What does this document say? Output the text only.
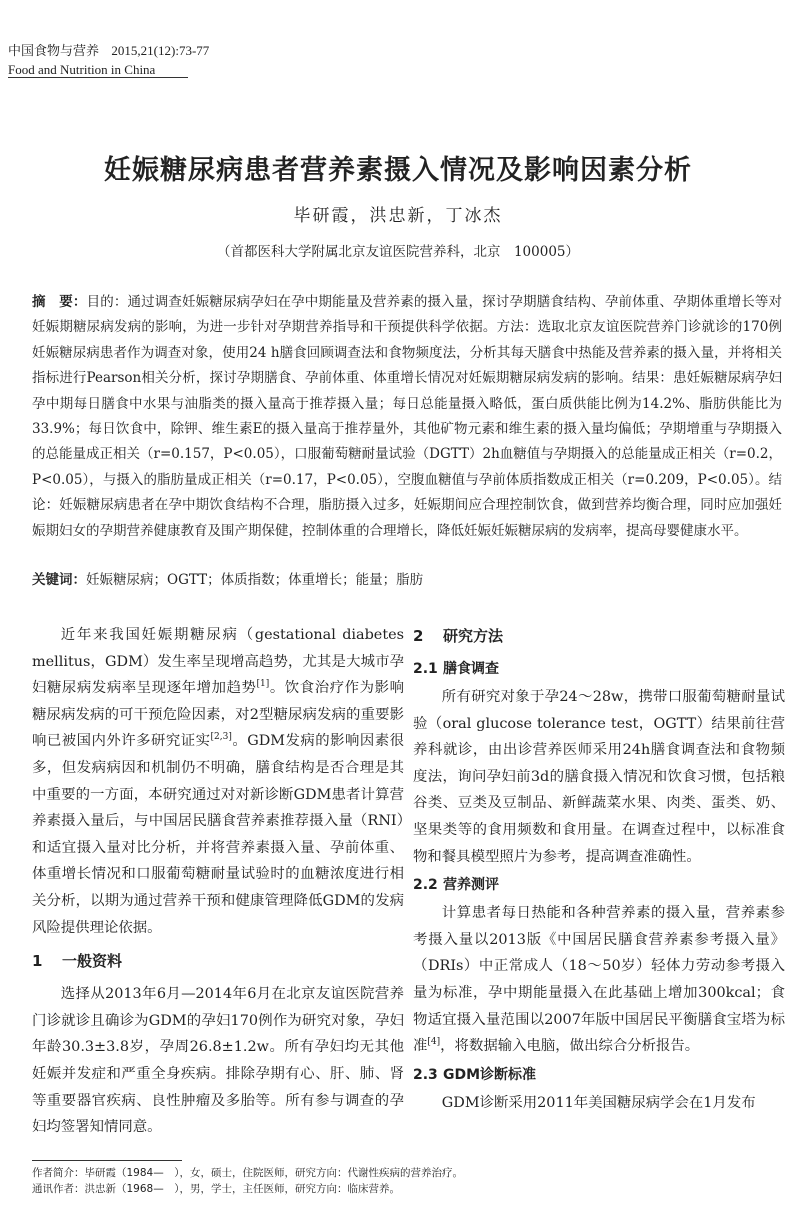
中国食物与营养 2015,21(12):73-77
Food and Nutrition in China
妊娠糖尿病患者营养素摄入情况及影响因素分析
毕研霞，洪忠新，丁冰杰
（首都医科大学附属北京友谊医院营养科，北京　100005）
摘　要：目的：通过调查妊娠糖尿病孕妇在孕中期能量及营养素的摄入量，探讨孕期膳食结构、孕前体重、孕期体重增长等对妊娠期糖尿病发病的影响，为进一步针对孕期营养指导和干预提供科学依据。方法：选取北京友谊医院营养门诊就诊的170例妊娠糖尿病患者作为调查对象，使用24 h膳食回顾调查法和食物频度法，分析其每天膳食中热能及营养素的摄入量，并将相关指标进行Pearson相关分析，探讨孕期膳食、孕前体重、体重增长情况对妊娠期糖尿病发病的影响。结果：患妊娠糖尿病孕妇孕中期每日膳食中水果与油脂类的摄入量高于推荐摄入量；每日总能量摄入略低，蛋白质供能比例为14.2%、脂肪供能比为33.9%；每日饮食中，除钾、维生素E的摄入量高于推荐量外，其他矿物元素和维生素的摄入量均偏低；孕期增重与孕期摄入的总能量成正相关（r=0.157，P<0.05），口服葡萄糖耐量试验（DGTT）2h血糖值与孕期摄入的总能量成正相关（r=0.2，P<0.05），与摄入的脂肪量成正相关（r=0.17，P<0.05），空腹血糖值与孕前体质指数成正相关（r=0.209，P<0.05）。结论：妊娠糖尿病患者在孕中期饮食结构不合理，脂肪摄入过多，妊娠期间应合理控制饮食，做到营养均衡合理，同时应加强妊娠期妇女的孕期营养健康教育及围产期保健，控制体重的合理增长，降低妊娠妊娠糖尿病的发病率，提高母婴健康水平。
关键词：妊娠糖尿病；OGTT；体质指数；体重增长；能量；脂肪

近年来我国妊娠期糖尿病（gestational diabetes mellitus，GDM）发生率呈现增高趋势，尤其是大城市孕妇糖尿病发病率呈现逐年增加趋势[1]。饮食治疗作为影响糖尿病发病的可干预危险因素，对2型糖尿病发病的重要影响已被国内外许多研究证实[2,3]。GDM发病的影响因素很多，但发病病因和机制仍不明确，膳食结构是否合理是其中重要的一方面，本研究通过对对新诊断GDM患者计算营养素摄入量后，与中国居民膳食营养素推荐摄入量（RNI）和适宜摄入量对比分析，并将营养素摄入量、孕前体重、体重增长情况和口服葡萄糖耐量试验时的血糖浓度进行相关分析，以期为通过营养干预和健康管理降低GDM的发病风险提供理论依据。

1 一般资料

选择从2013年6月—2014年6月在北京友谊医院营养门诊就诊且确诊为GDM的孕妇170例作为研究对象，孕妇年龄30.3±3.8岁，孕周26.8±1.2w。所有孕妇均无其他妊娠并发症和严重全身疾病。排除孕期有心、肝、肺、肾等重要器官疾病、良性肿瘤及多胎等。所有参与调查的孕妇均签署知情同意。

2 研究方法
2.1 膳食调查

所有研究对象于孕24～28w，携带口服葡萄糖耐量试验（oral glucose tolerance test，OGTT）结果前往营养科就诊，由出诊营养医师采用24h膳食调查法和食物频度法，询问孕妇前3d的膳食摄入情况和饮食习惯，包括粮谷类、豆类及豆制品、新鲜蔬菜水果、肉类、蛋类、奶、坚果类等的食用频数和食用量。在调查过程中，以标准食物和餐具模型照片为参考，提高调查准确性。

2.2 营养测评

计算患者每日热能和各种营养素的摄入量，营养素参考摄入量以2013版《中国居民膳食营养素参考摄入量》（DRIs）中正常成人（18～50岁）轻体力劳动参考摄入量为标准，孕中期能量摄入在此基础上增加300kcal；食物适宜摄入量范围以2007年版中国居民平衡膳食宝塔为标准[4]，将数据输入电脑，做出综合分析报告。

2.3 GDM诊断标准

GDM诊断采用2011年美国糖尿病学会在1月发布

作者简介：毕研霞（1984—　），女，硕士，住院医师，研究方向：代谢性疾病的营养治疗。
通讯作者：洪忠新（1968—　），男，学士，主任医师，研究方向：临床营养。
